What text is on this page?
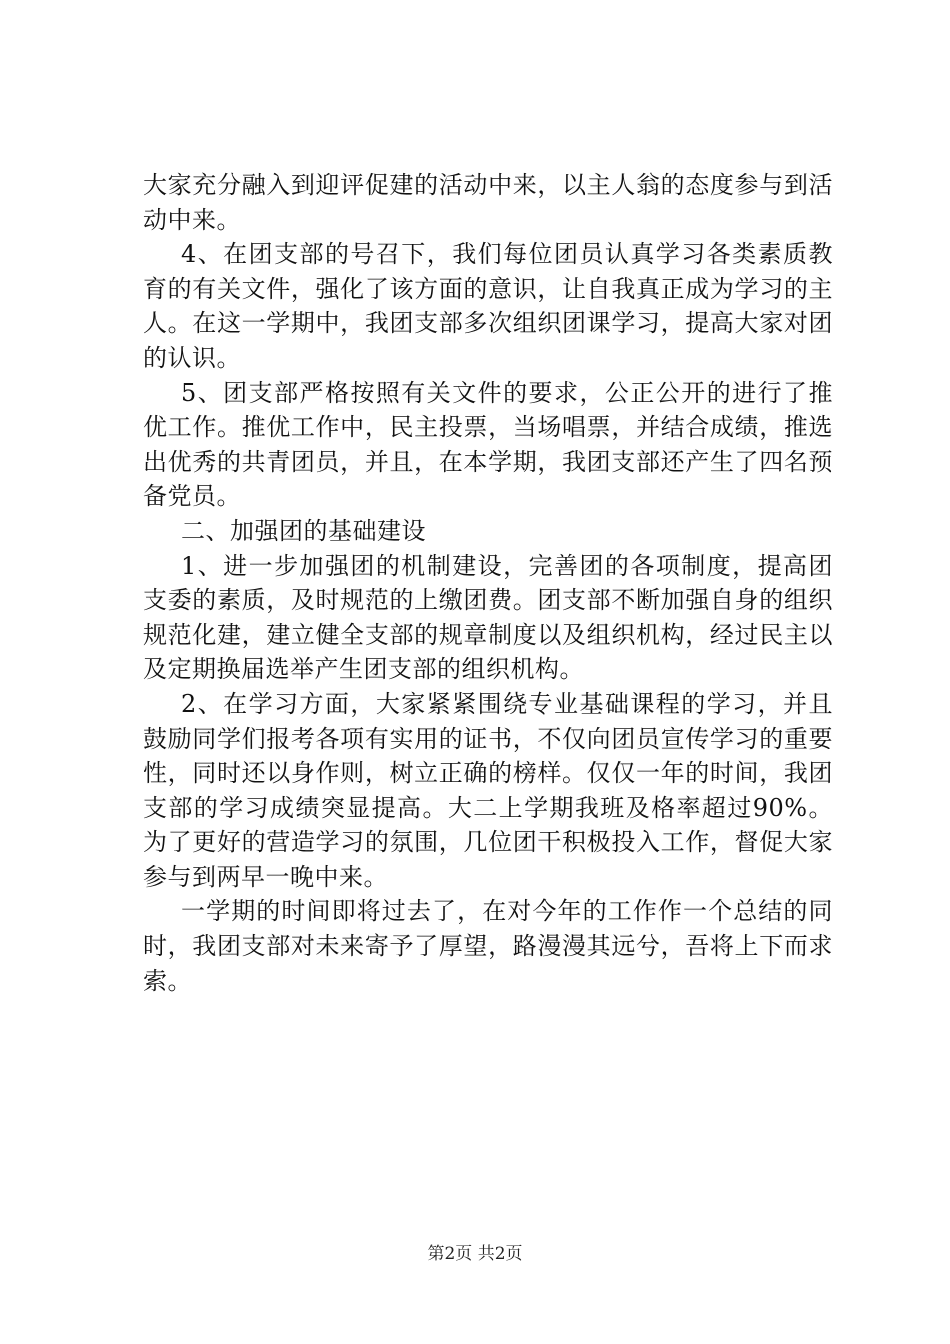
大家充分融入到迎评促建的活动中来，以主人翁的态度参与到活动中来。

4、在团支部的号召下，我们每位团员认真学习各类素质教育的有关文件，强化了该方面的意识，让自我真正成为学习的主人。在这一学期中，我团支部多次组织团课学习，提高大家对团的认识。

5、团支部严格按照有关文件的要求，公正公开的进行了推优工作。推优工作中，民主投票，当场唱票，并结合成绩，推选出优秀的共青团员，并且，在本学期，我团支部还产生了四名预备党员。

二、加强团的基础建设

1、进一步加强团的机制建设，完善团的各项制度，提高团支委的素质，及时规范的上缴团费。团支部不断加强自身的组织规范化建，建立健全支部的规章制度以及组织机构，经过民主以及定期换届选举产生团支部的组织机构。

2、在学习方面，大家紧紧围绕专业基础课程的学习，并且鼓励同学们报考各项有实用的证书，不仅向团员宣传学习的重要性，同时还以身作则，树立正确的榜样。仅仅一年的时间，我团支部的学习成绩突显提高。大二上学期我班及格率超过90%。为了更好的营造学习的氛围，几位团干积极投入工作，督促大家参与到两早一晚中来。

一学期的时间即将过去了，在对今年的工作作一个总结的同时，我团支部对未来寄予了厚望，路漫漫其远兮，吾将上下而求索。

第2页 共2页
